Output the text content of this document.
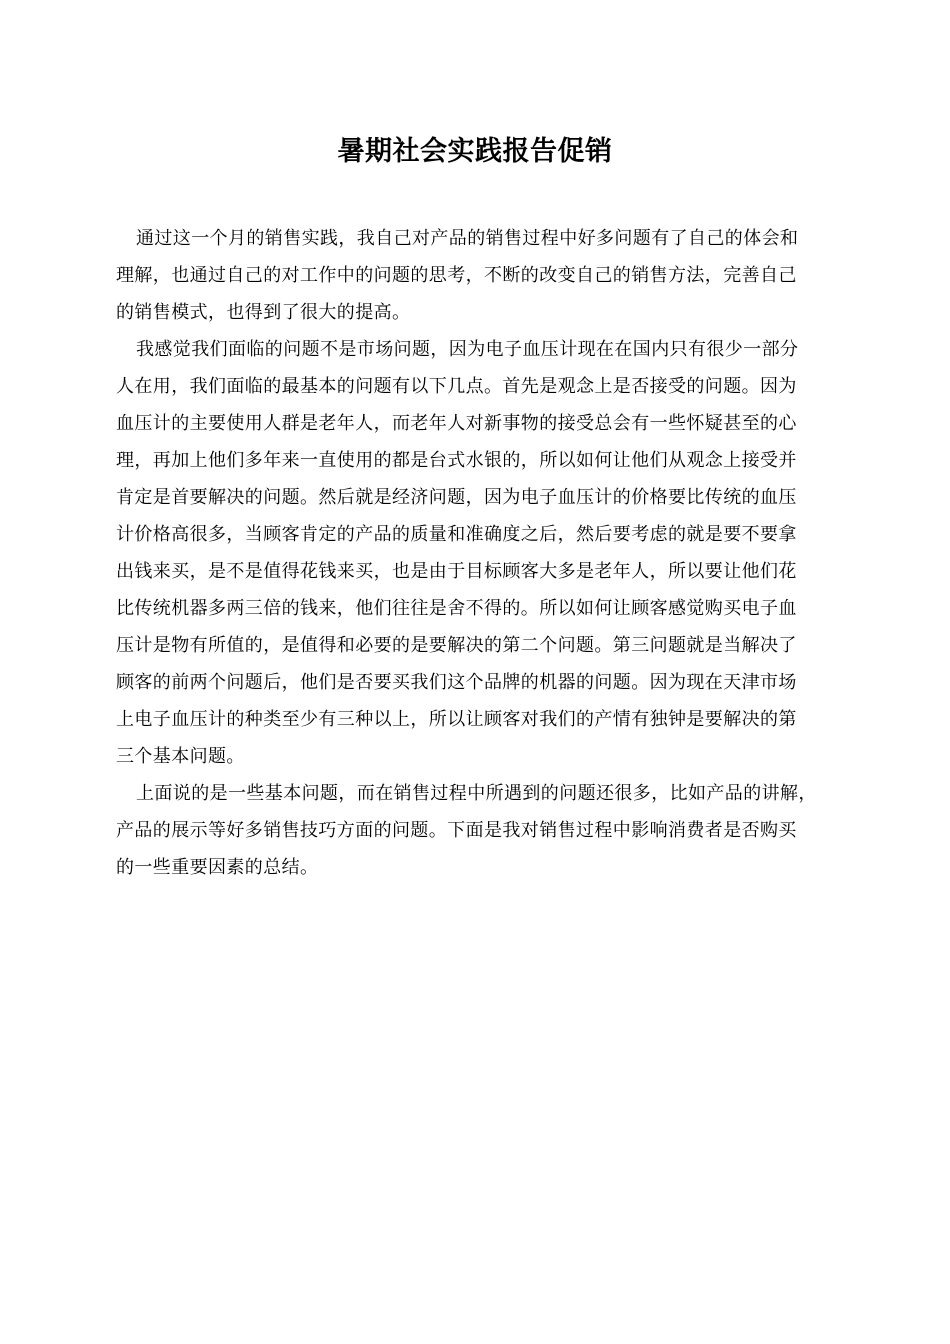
暑期社会实践报告促销
通过这一个月的销售实践，我自己对产品的销售过程中好多问题有了自己的体会和
理解，也通过自己的对工作中的问题的思考，不断的改变自己的销售方法，完善自己
的销售模式，也得到了很大的提高。
我感觉我们面临的问题不是市场问题，因为电子血压计现在在国内只有很少一部分
人在用，我们面临的最基本的问题有以下几点。首先是观念上是否接受的问题。因为
血压计的主要使用人群是老年人，而老年人对新事物的接受总会有一些怀疑甚至的心
理，再加上他们多年来一直使用的都是台式水银的，所以如何让他们从观念上接受并
肯定是首要解决的问题。然后就是经济问题，因为电子血压计的价格要比传统的血压
计价格高很多，当顾客肯定的产品的质量和准确度之后，然后要考虑的就是要不要拿
出钱来买，是不是值得花钱来买，也是由于目标顾客大多是老年人，所以要让他们花
比传统机器多两三倍的钱来，他们往往是舍不得的。所以如何让顾客感觉购买电子血
压计是物有所值的，是值得和必要的是要解决的第二个问题。第三问题就是当解决了
顾客的前两个问题后，他们是否要买我们这个品牌的机器的问题。因为现在天津市场
上电子血压计的种类至少有三种以上，所以让顾客对我们的产情有独钟是要解决的第
三个基本问题。
上面说的是一些基本问题，而在销售过程中所遇到的问题还很多，比如产品的讲解，
产品的展示等好多销售技巧方面的问题。下面是我对销售过程中影响消费者是否购买
的一些重要因素的总结。
